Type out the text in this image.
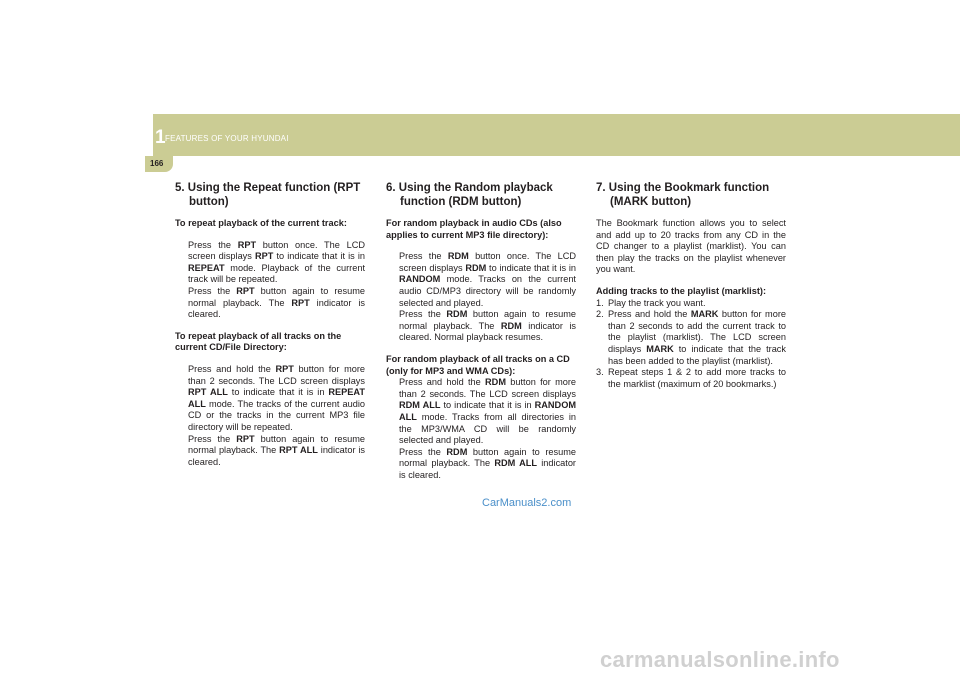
1 FEATURES OF YOUR HYUNDAI
166

5. Using the Repeat function (RPT button)

To repeat playback of the current track:

Press the RPT button once. The LCD screen displays RPT to indicate that it is in REPEAT mode. Playback of the current track will be repeated.

Press the RPT button again to resume normal playback. The RPT indicator is cleared.

To repeat playback of all tracks on the current CD/File Directory:

Press and hold the RPT button for more than 2 seconds. The LCD screen displays RPT ALL to indicate that it is in REPEAT ALL mode. The tracks of the current audio CD or the tracks in the current MP3 file directory will be repeated.

Press the RPT button again to resume normal playback. The RPT ALL indicator is cleared.

6. Using the Random playback function (RDM button)

For random playback in audio CDs (also applies to current MP3 file directory):

Press the RDM button once. The LCD screen displays RDM to indicate that it is in RANDOM mode. Tracks on the current audio CD/MP3 directory will be randomly selected and played.

Press the RDM button again to resume normal playback. The RDM indicator is cleared. Normal playback resumes.

For random playback of all tracks on a CD (only for MP3 and WMA CDs):

Press and hold the RDM button for more than 2 seconds. The LCD screen displays RDM ALL to indicate that it is in RANDOM ALL mode. Tracks from all directories in the MP3/WMA CD will be randomly selected and played.

Press the RDM button again to resume normal playback. The RDM ALL indicator is cleared.

7. Using the Bookmark function (MARK button)

The Bookmark function allows you to select and add up to 20 tracks from any CD in the CD changer to a playlist (marklist). You can then play the tracks on the playlist whenever you want.

Adding tracks to the playlist (marklist):

1. Play the track you want.
2. Press and hold the MARK button for more than 2 seconds to add the current track to the playlist (marklist). The LCD screen displays MARK to indicate that the track has been added to the playlist (marklist).
3. Repeat steps 1 & 2 to add more tracks to the marklist (maximum of 20 bookmarks.)
CarManuals2.com
carmanualsonline.info
